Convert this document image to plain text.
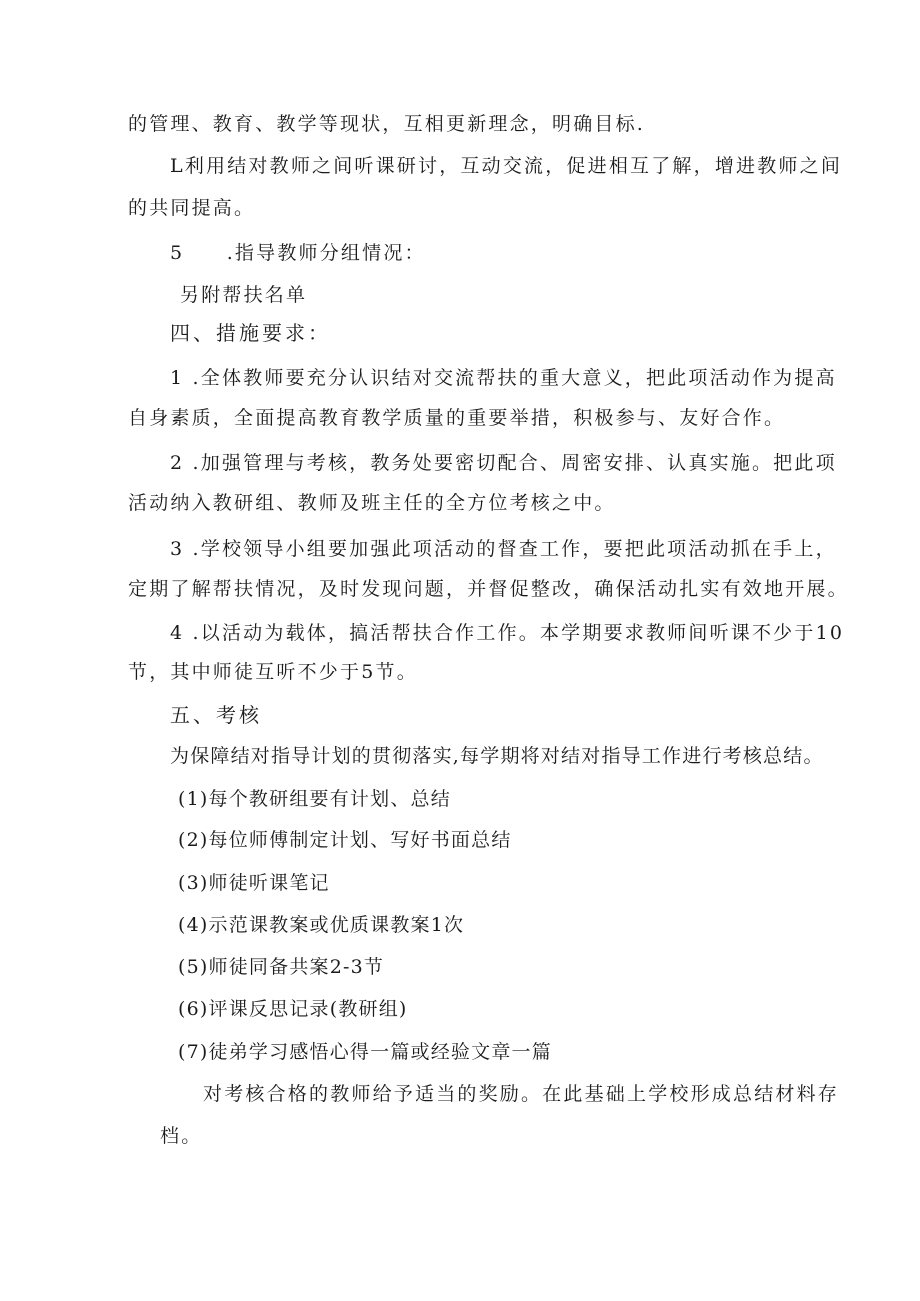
的管理、教育、教学等现状，互相更新理念，明确目标.
L利用结对教师之间听课研讨，互动交流，促进相互了解，增进教师之间
的共同提高。
5　　.指导教师分组情况：
另附帮扶名单
四、措施要求：
1 .全体教师要充分认识结对交流帮扶的重大意义，把此项活动作为提高
自身素质，全面提高教育教学质量的重要举措，积极参与、友好合作。
2 .加强管理与考核，教务处要密切配合、周密安排、认真实施。把此项
活动纳入教研组、教师及班主任的全方位考核之中。
3 .学校领导小组要加强此项活动的督查工作，要把此项活动抓在手上，
定期了解帮扶情况，及时发现问题，并督促整改，确保活动扎实有效地开展。
4 .以活动为载体，搞活帮扶合作工作。本学期要求教师间听课不少于10
节，其中师徒互听不少于5节。
五、考核
为保障结对指导计划的贯彻落实,每学期将对结对指导工作进行考核总结。
(1)每个教研组要有计划、总结
(2)每位师傅制定计划、写好书面总结
(3)师徒听课笔记
(4)示范课教案或优质课教案1次
(5)师徒同备共案2-3节
(6)评课反思记录(教研组)
(7)徒弟学习感悟心得一篇或经验文章一篇
对考核合格的教师给予适当的奖励。在此基础上学校形成总结材料存
档。
